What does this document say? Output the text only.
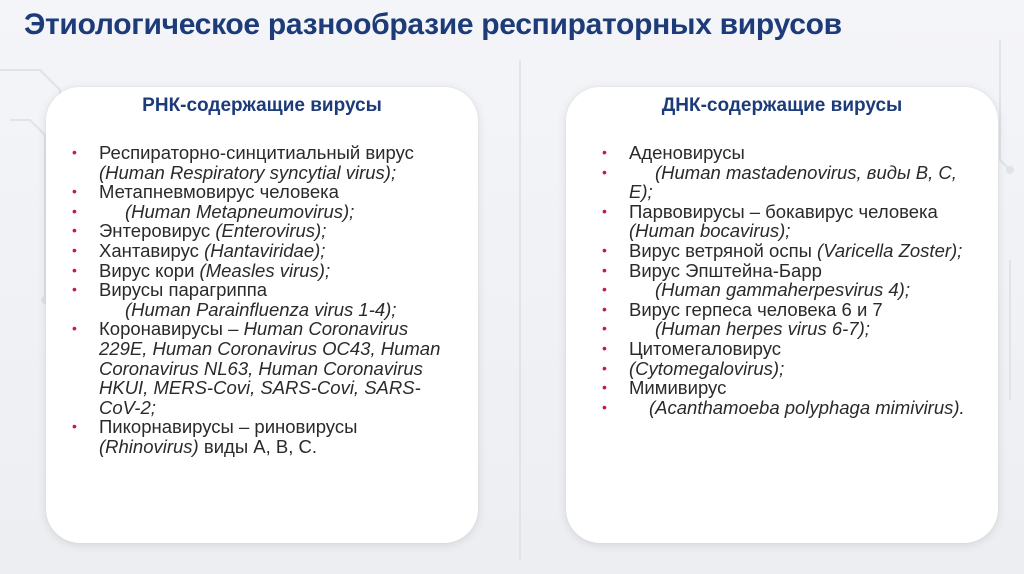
Этиологическое разнообразие респираторных вирусов
РНК-содержащие вирусы
• Респираторно-синцитиальный вирус (Human Respiratory syncytial virus);
• Метапневмовирус человека
•	(Human Metapneumovirus);
• Энтеровирус (Enterovirus);
• Хантавирус (Hantaviridae);
• Вирус кори (Measles virus);
• Вирусы парагриппа
(Human Parainfluenza virus 1-4);
• Коронавирусы – Human Coronavirus 229E, Human Coronavirus OC43, Human Coronavirus NL63, Human Coronavirus HKUI, MERS-Covi, SARS-Covi, SARS-CoV-2;
• Пикорнавирусы – риновирусы (Rhinovirus) виды А, В, С.
ДНК-содержащие вирусы
• Аденовирусы
•	(Human mastadenovirus, виды В, С, Е);
• Парвовирусы – бокавирус человека (Human bocavirus);
• Вирус ветряной оспы (Varicella Zoster);
• Вирус Эпштейна-Барр
•	(Human gammaherpesvirus 4);
• Вирус герпеса человека 6 и 7
•	(Human herpes virus 6-7);
• Цитомегаловирус
• (Cytomegalovirus);
• Мимивирус
• (Acanthamoeba polyphaga mimivirus).
